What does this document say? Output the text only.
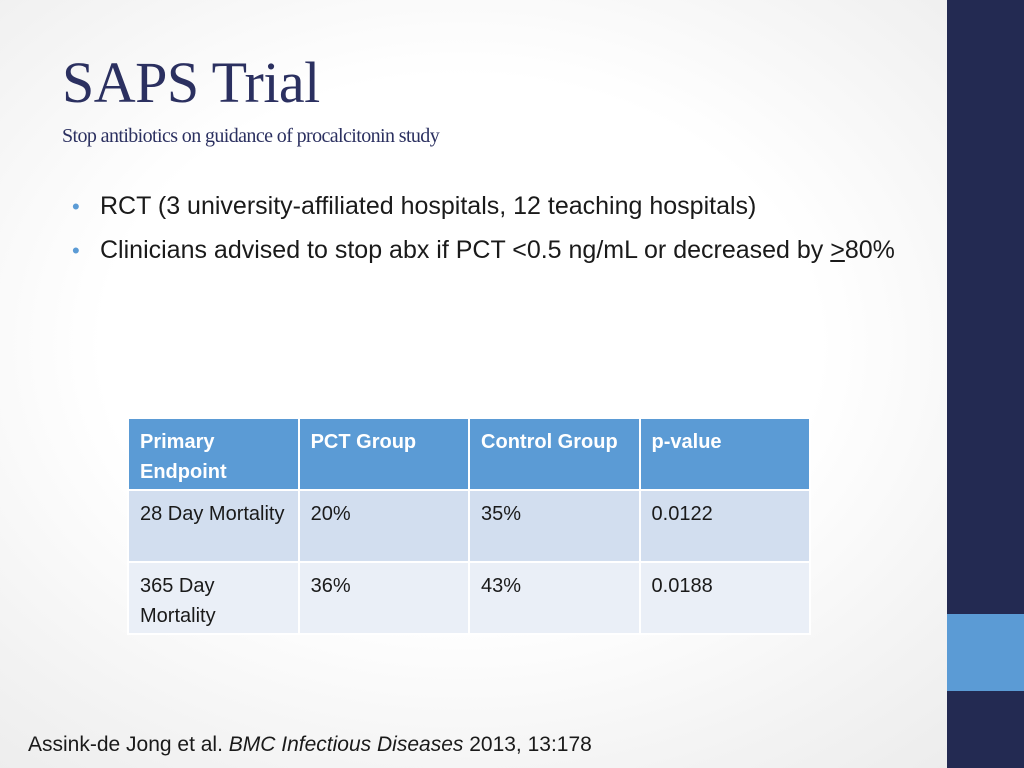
SAPS Trial
Stop antibiotics on guidance of procalcitonin study
• RCT (3 university-affiliated hospitals, 12 teaching hospitals)
• Clinicians advised to stop abx if PCT <0.5 ng/mL or decreased by ≥80%
Primary Endpoint	PCT Group	Control Group	p-value
28 Day Mortality	20%	35%	0.0122
365 Day Mortality	36%	43%	0.0188

Assink-de Jong et al. BMC Infectious Diseases 2013, 13:178
